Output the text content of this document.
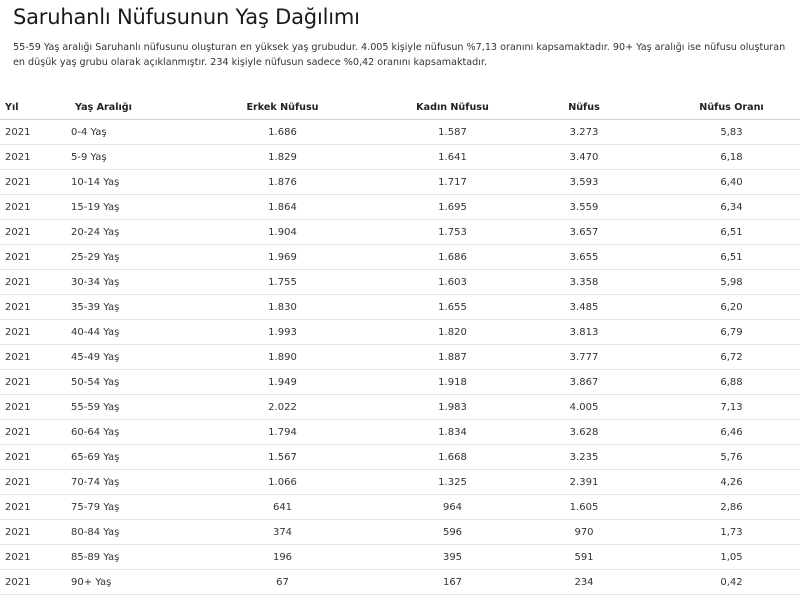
Saruhanlı Nüfusunun Yaş Dağılımı

55-59 Yaş aralığı Saruhanlı nüfusunu oluşturan en yüksek yaş grubudur. 4.005 kişiyle nüfusun %7,13 oranını kapsamaktadır. 90+ Yaş aralığı ise nüfusu oluşturan en düşük yaş grubu olarak açıklanmıştır. 234 kişiyle nüfusun sadece %0,42 oranını kapsamaktadır.

Yıl	Yaş Aralığı	Erkek Nüfusu	Kadın Nüfusu	Nüfus	Nüfus Oranı
2021	0-4 Yaş	1.686	1.587	3.273	5,83
2021	5-9 Yaş	1.829	1.641	3.470	6,18
2021	10-14 Yaş	1.876	1.717	3.593	6,40
2021	15-19 Yaş	1.864	1.695	3.559	6,34
2021	20-24 Yaş	1.904	1.753	3.657	6,51
2021	25-29 Yaş	1.969	1.686	3.655	6,51
2021	30-34 Yaş	1.755	1.603	3.358	5,98
2021	35-39 Yaş	1.830	1.655	3.485	6,20
2021	40-44 Yaş	1.993	1.820	3.813	6,79
2021	45-49 Yaş	1.890	1.887	3.777	6,72
2021	50-54 Yaş	1.949	1.918	3.867	6,88
2021	55-59 Yaş	2.022	1.983	4.005	7,13
2021	60-64 Yaş	1.794	1.834	3.628	6,46
2021	65-69 Yaş	1.567	1.668	3.235	5,76
2021	70-74 Yaş	1.066	1.325	2.391	4,26
2021	75-79 Yaş	641	964	1.605	2,86
2021	80-84 Yaş	374	596	970	1,73
2021	85-89 Yaş	196	395	591	1,05
2021	90+ Yaş	67	167	234	0,42
